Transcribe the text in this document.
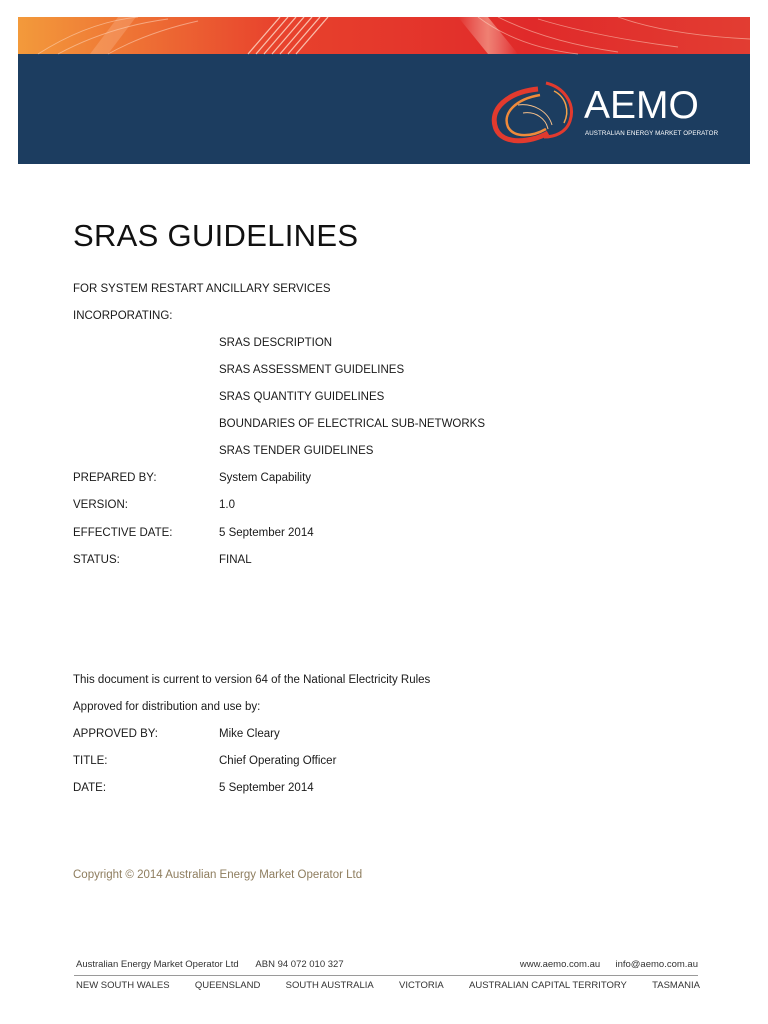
AEMO
AUSTRALIAN ENERGY MARKET OPERATOR
SRAS GUIDELINES
FOR SYSTEM RESTART ANCILLARY SERVICES
INCORPORATING:
SRAS DESCRIPTION
SRAS ASSESSMENT GUIDELINES
SRAS QUANTITY GUIDELINES
BOUNDARIES OF ELECTRICAL SUB-NETWORKS
SRAS TENDER GUIDELINES
PREPARED BY:	System Capability
VERSION:	1.0
EFFECTIVE DATE:	5 September 2014
STATUS:	FINAL
This document is current to version 64 of the National Electricity Rules
Approved for distribution and use by:
APPROVED BY:	Mike Cleary
TITLE:	Chief Operating Officer
DATE:	5 September 2014
Copyright © 2014 Australian Energy Market Operator Ltd
Australian Energy Market Operator Ltd ABN 94 072 010 327	www.aemo.com.au info@aemo.com.au
NEW SOUTH WALES	QUEENSLAND	SOUTH AUSTRALIA	VICTORIA	AUSTRALIAN CAPITAL TERRITORY	TASMANIA
